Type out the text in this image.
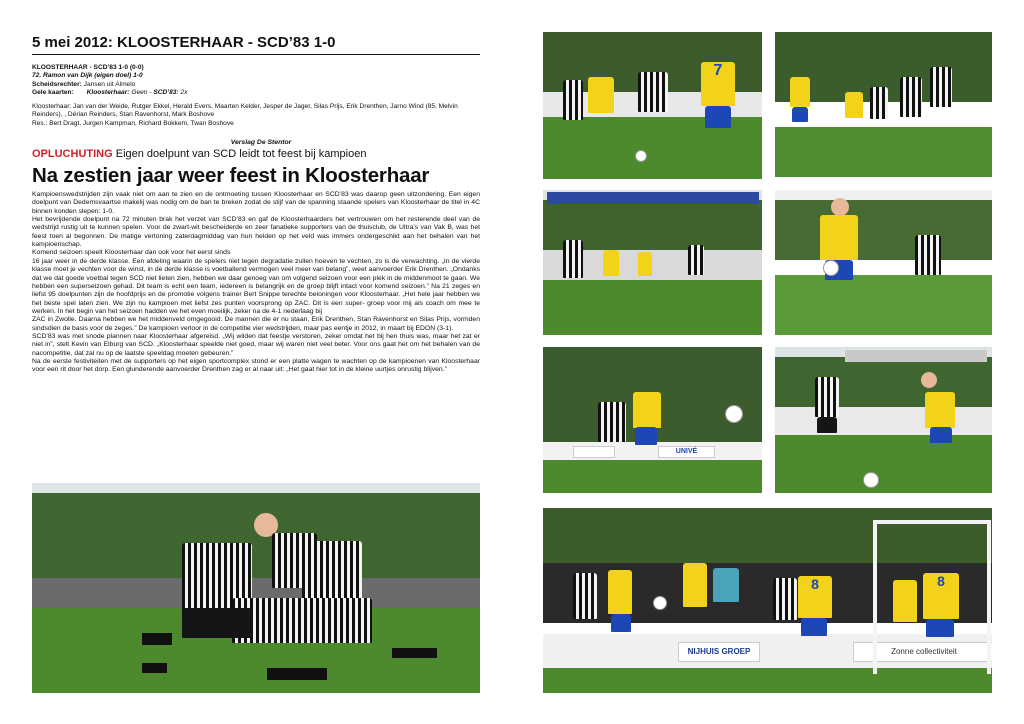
5 mei 2012: KLOOSTERHAAR - SCD’83 1-0
KLOOSTERHAAR - SCD’83 1-0 (0-0)
72. Ramon van Dijk (eigen doel) 1-0
Scheidsrechter: Jansen uit Almelo
Gele kaarten: Kloosterhaar: Geen - SCD’83: 2x
Kloosterhaar: Jan van der Weide, Rutger Ekkel, Herald Evers, Maarten Kelder, Jesper de Jager, Silas Prijs, Erik Drenthen, Jarno Wind (85. Melvin Reinders), , Dérian Reinders, Stan Ravenhorst, Mark Boshove
Res.: Bert Dragt, Jurgen Kampman, Richard Bokkem, Twan Boshove
Verslag De Stentor
OPLUCHUTING Eigen doelpunt van SCD leidt tot feest bij kampioen
Na zestien jaar weer feest in Kloosterhaar

Kampioenswedstrijden zijn vaak niet om aan te zien en de ontmoeting tussen Kloosterhaar en SCD’83 was daarop geen uitzondering. Een eigen doelpunt van Dedemsvaartse makelij was nodig om de ban te breken zodat de stijf van de spanning staande spelers van Kloosterhaar de titel in 4C binnen konden slepen: 1-0.

Het bevrijdende doelpunt na 72 minuten brak het verzet van SCD’83 en gaf de Kloosterhaarders het vertrouwen om het resterende deel van de wedstrijd rustig uit te kunnen spelen. Voor de zwart-wit bescheiderde en zeer fanatieke supporters van de thuisclub, de Ultra’s van Vak B, was het feest toen al begonnen. De matige vertoning zaterdagmiddag van hun helden op het veld was immers ondergeschikt aan het behalen van het kampioenschap.

Komend seizoen speelt Kloosterhaar dan ook voor het eerst sinds

16 jaar weer in de derde klasse. Een afdeling waarin de spelers niet tegen degradatie zullen hoeven te vechten, zo is de verwachting. „In de vierde klasse moet je vechten voor de winst, in de derde klasse is voetballend vermogen veel meer van belang”, weet aanvoerder Erik Drenthen. „Ondanks dat we dat goede voetbal tegen SCD niet lieten zien, hebben we daar genoeg van om volgend seizoen voor een plek in de middenmoot te gaan. We hebben een superseizoen gehad. Dit team is echt een team, iedereen is belangrijk en de groep blijft intact voor komend seizoen.” Na 21 zeges en liefst 95 doelpunten zijn de hoofdprijs en de promotie volgens trainer Bert Snippe terechte beloningen voor Kloosterhaar. „Het hele jaar hebben we het beste spel laten zien. We zijn nu kampioen met liefst zes punten voorsprong op ZAC. Dit is een super- groep voor mij als coach om mee te werken. In het begin van het seizoen hadden we het even moeilijk, zeker na de 4-1 nederlaag bij

ZAC in Zwolle. Daarna hebben we het middenveld omgegooid. De mannen die er nu staan, Erik Drenthen, Stan Ravenhorst en Silas Prijs, vormden sindsdien de basis voor de zeges.” De kampioen verloor in de competitie vier wedstrijden, maar pas eentje in 2012, in maart bij EDON (3-1).

SCD’83 was met snode plannen naar Kloosterhaar afgereisd. „Wij wilden dat feestje verstoren, zeker omdat het bij hen thuis was, maar het zat er niet in”, stelt Kevin van Elburg van SCD. „Kloosterhaar speelde niet goed, maar wij waren niet veel beter. Voor ons gaat het om het behalen van de nacompetitie, dat zal nu op de laatste speeldag moeten gebeuren.”

Na de eerste festiviteiten met de supporters op het eigen sportcomplex stond er een platte wagen te wachten op de kampioenen van Kloosterhaar voor een rit door het dorp. Een glunderende aanvoerder Drenthen zag er al naar uit: „Het gaat hier tot in de kleine uurtjes onrustig blijven.”

7
UNIVÉ
NIJHUIS GROEP	Zonne collectiviteit
8	8
